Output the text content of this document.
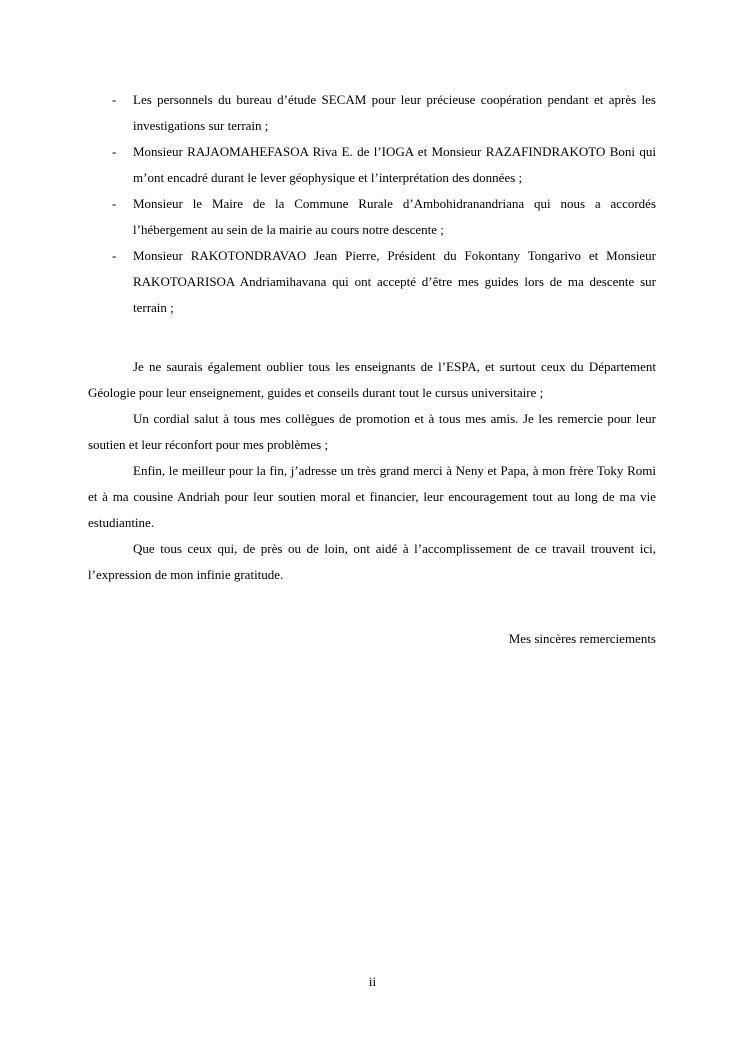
- Les personnels du bureau d’étude SECAM pour leur précieuse coopération pendant et après les investigations sur terrain ;
- Monsieur RAJAOMAHEFASOA Riva E. de l’IOGA et Monsieur RAZAFINDRAKOTO Boni qui m’ont encadré durant le lever géophysique et l’interprétation des données ;
- Monsieur le Maire de la Commune Rurale d’Ambohidranandriana qui nous a accordés l’hébergement au sein de la mairie au cours notre descente ;
- Monsieur RAKOTONDRAVAO Jean Pierre, Président du Fokontany Tongarivo et Monsieur RAKOTOARISOA Andriamihavana qui ont accepté d’être mes guides lors de ma descente sur terrain ;

Je ne saurais également oublier tous les enseignants de l’ESPA, et surtout ceux du Département Géologie pour leur enseignement, guides et conseils durant tout le cursus universitaire ;

Un cordial salut à tous mes collègues de promotion et à tous mes amis. Je les remercie pour leur soutien et leur réconfort pour mes problèmes ;

Enfin, le meilleur pour la fin, j’adresse un très grand merci à Neny et Papa, à mon frère Toky Romi et à ma cousine Andriah pour leur soutien moral et financier, leur encouragement tout au long de ma vie estudiantine.

Que tous ceux qui, de près ou de loin, ont aidé à l’accomplissement de ce travail trouvent ici, l’expression de mon infinie gratitude.

Mes sincères remerciements
ii
